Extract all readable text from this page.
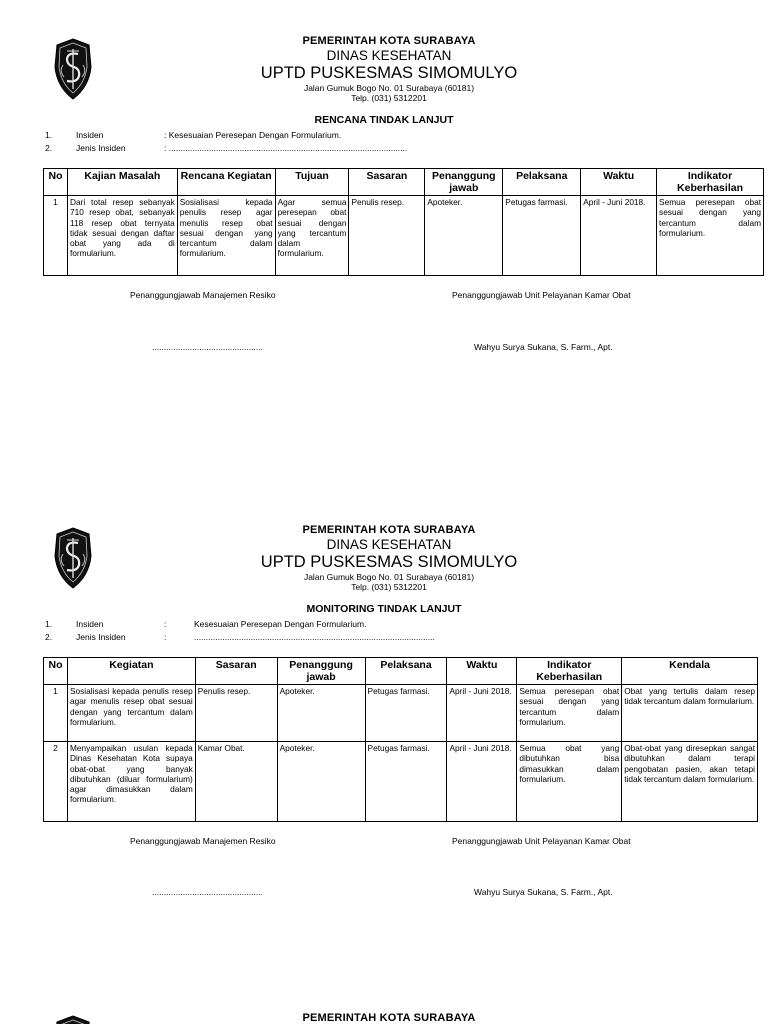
PEMERINTAH KOTA SURABAYA
DINAS KESEHATAN
UPTD PUSKESMAS SIMOMULYO
Jalan Gumuk Bogo No. 01 Surabaya (60181)
Telp. (031) 5312201
RENCANA TINDAK LANJUT
1.	Insiden	: Kesesuaian Peresepan Dengan Formularium.
2.	Jenis Insiden	: .....................................................................................................
No	Kajian Masalah	Rencana Kegiatan	Tujuan	Sasaran	Penanggung jawab	Pelaksana	Waktu	Indikator Keberhasilan
1	Dari total resep sebanyak 710 resep obat, sebanyak 118 resep obat ternyata tidak sesuai dengan daftar obat yang ada di formularium.	Sosialisasi kepada penulis resep agar menulis resep obat sesuai dengan yang tercantum dalam formularium.	Agar semua peresepan obat sesuai dengan yang tercantum dalam formularium.	Penulis resep.	Apoteker.	Petugas farmasi.	April - Juni 2018.	Semua peresepan obat sesuai dengan yang tercantum dalam formularium.
Penanggungjawab Manajemen Resiko	Penanggungjawab Unit Pelayanan Kamar Obat
...............................................	Wahyu Surya Sukana, S. Farm., Apt.
PEMERINTAH KOTA SURABAYA
DINAS KESEHATAN
UPTD PUSKESMAS SIMOMULYO
Jalan Gumuk Bogo No. 01 Surabaya (60181)
Telp. (031) 5312201
MONITORING TINDAK LANJUT
1.	Insiden	:	Kesesuaian Peresepan Dengan Formularium.
2.	Jenis Insiden	:	......................................................................................................
No	Kegiatan	Sasaran	Penanggung jawab	Pelaksana	Waktu	Indikator Keberhasilan	Kendala
1	Sosialisasi kepada penulis resep agar menulis resep obat sesuai dengan yang tercantum dalam formularium.	Penulis resep.	Apoteker.	Petugas farmasi.	April - Juni 2018.	Semua peresepan obat sesuai dengan yang tercantum dalam formularium.	Obat yang tertulis dalam resep tidak tercantum dalam formularium.
2	Menyampaikan usulan kepada Dinas Kesehatan Kota supaya obat-obat yang banyak dibutuhkan (diluar formularium) agar dimasukkan dalam formularium.	Kamar Obat.	Apoteker.	Petugas farmasi.	April - Juni 2018.	Semua obat yang dibutuhkan bisa dimasukkan dalam formularium.	Obat-obat yang diresepkan sangat dibutuhkan dalam terapi pengobatan pasien, akan tetapi tidak tercantum dalam formularium.
Penanggungjawab Manajemen Resiko	Penanggungjawab Unit Pelayanan Kamar Obat
...............................................	Wahyu Surya Sukana, S. Farm., Apt.
PEMERINTAH KOTA SURABAYA
